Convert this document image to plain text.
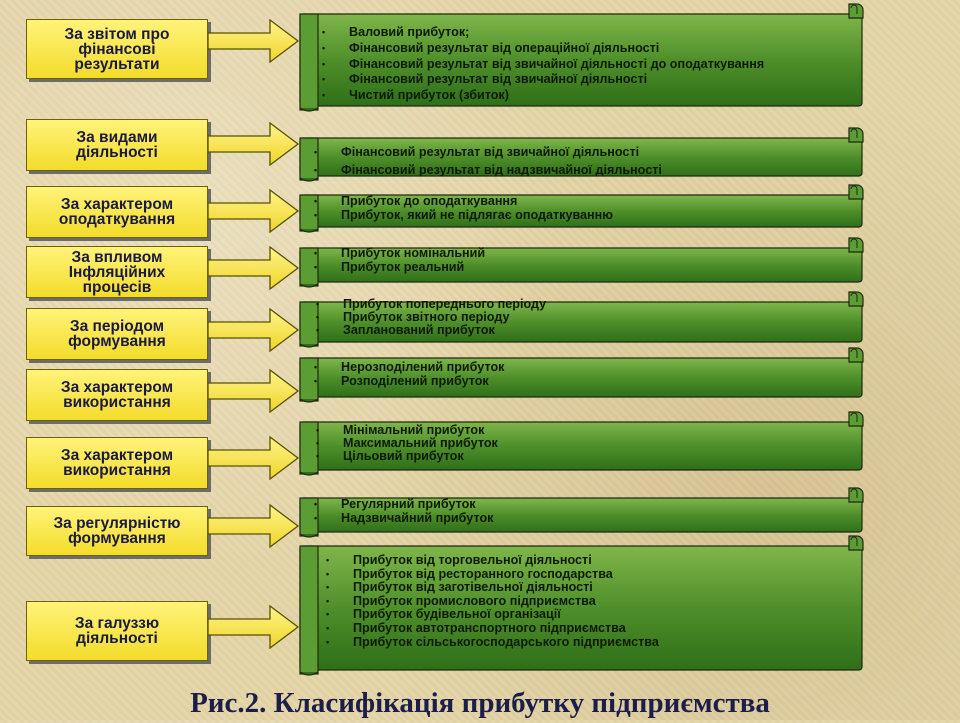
За звітом про
фінансові
результати
• Валовий прибуток;
• Фінансовий результат від операційної діяльності
• Фінансовий результат від звичайної діяльності до оподаткування
• Фінансовий результат від звичайної діяльності
• Чистий прибуток (збиток)
За видами
діяльності	• Фінансовий результат від звичайної діяльності
• Фінансовий результат від надзвичайної діяльності
За характером
оподаткування
• Прибуток до оподаткування
• Прибуток, який не підлягає оподаткуванню
За впливом
Інфляційних
процесів
• Прибуток номінальний
• Прибуток реальний
За періодом
формування
• Прибуток попереднього періоду
• Прибуток звітного періоду
• Запланований прибуток
За характером
використання
• Нерозподілений прибуток
• Розподілений прибуток
За характером
використання
• Мінімальний прибуток
• Максимальний прибуток
• Цільовий прибуток
За регулярністю
формування
• Регулярний прибуток
• Надзвичайний прибуток
За галуззю
діяльності
• Прибуток від торговельної діяльності
• Прибуток від ресторанного господарства
• Прибуток від заготівельної діяльності
• Прибуток промислового підприємства
• Прибуток будівельної організації
• Прибуток автотранспортного підприємства
• Прибуток сільськогосподарського підприємства
Рис.2. Класифікація прибутку підприємства
